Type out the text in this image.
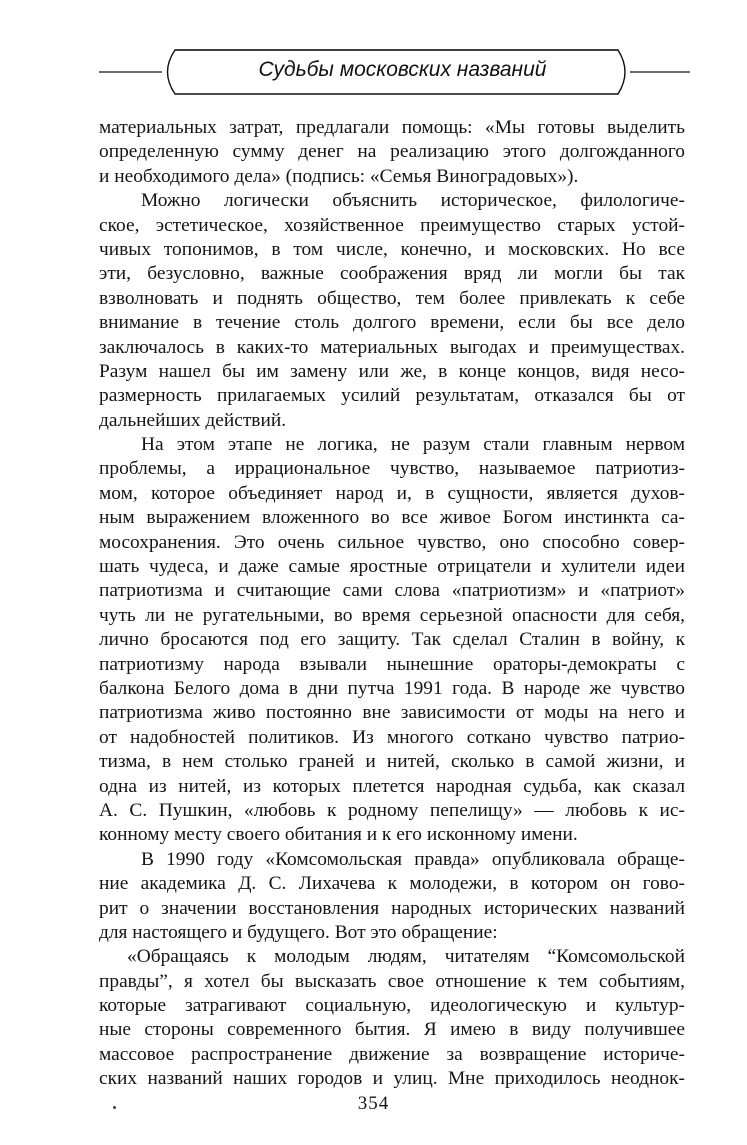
Судьбы московских названий
материальных затрат, предлагали помощь: «Мы готовы выделить
определенную сумму денег на реализацию этого долгожданного
и необходимого дела» (подпись: «Семья Виноградовых»).
Можно логически объяснить историческое, филологиче-
ское, эстетическое, хозяйственное преимущество старых устой-
чивых топонимов, в том числе, конечно, и московских. Но все
эти, безусловно, важные соображения вряд ли могли бы так
взволновать и поднять общество, тем более привлекать к себе
внимание в течение столь долгого времени, если бы все дело
заключалось в каких-то материальных выгодах и преимуществах.
Разум нашел бы им замену или же, в конце концов, видя несо-
размерность прилагаемых усилий результатам, отказался бы от
дальнейших действий.
На этом этапе не логика, не разум стали главным нервом
проблемы, а иррациональное чувство, называемое патриотиз-
мом, которое объединяет народ и, в сущности, является духов-
ным выражением вложенного во все живое Богом инстинкта са-
мосохранения. Это очень сильное чувство, оно способно совер-
шать чудеса, и даже самые яростные отрицатели и хулители идеи
патриотизма и считающие сами слова «патриотизм» и «патриот»
чуть ли не ругательными, во время серьезной опасности для себя,
лично бросаются под его защиту. Так сделал Сталин в войну, к
патриотизму народа взывали нынешние ораторы-демократы с
балкона Белого дома в дни путча 1991 года. В народе же чувство
патриотизма живо постоянно вне зависимости от моды на него и
от надобностей политиков. Из многого соткано чувство патрио-
тизма, в нем столько граней и нитей, сколько в самой жизни, и
одна из нитей, из которых плетется народная судьба, как сказал
А. С. Пушкин, «любовь к родному пепелищу» — любовь к ис-
конному месту своего обитания и к его исконному имени.
В 1990 году «Комсомольская правда» опубликовала обраще-
ние академика Д. С. Лихачева к молодежи, в котором он гово-
рит о значении восстановления народных исторических названий
для настоящего и будущего. Вот это обращение:
«Обращаясь к молодым людям, читателям “Комсомольской
правды”, я хотел бы высказать свое отношение к тем событиям,
которые затрагивают социальную, идеологическую и культур-
ные стороны современного бытия. Я имею в виду получившее
массовое распространение движение за возвращение историче-
ских названий наших городов и улиц. Мне приходилось неоднок-
354
